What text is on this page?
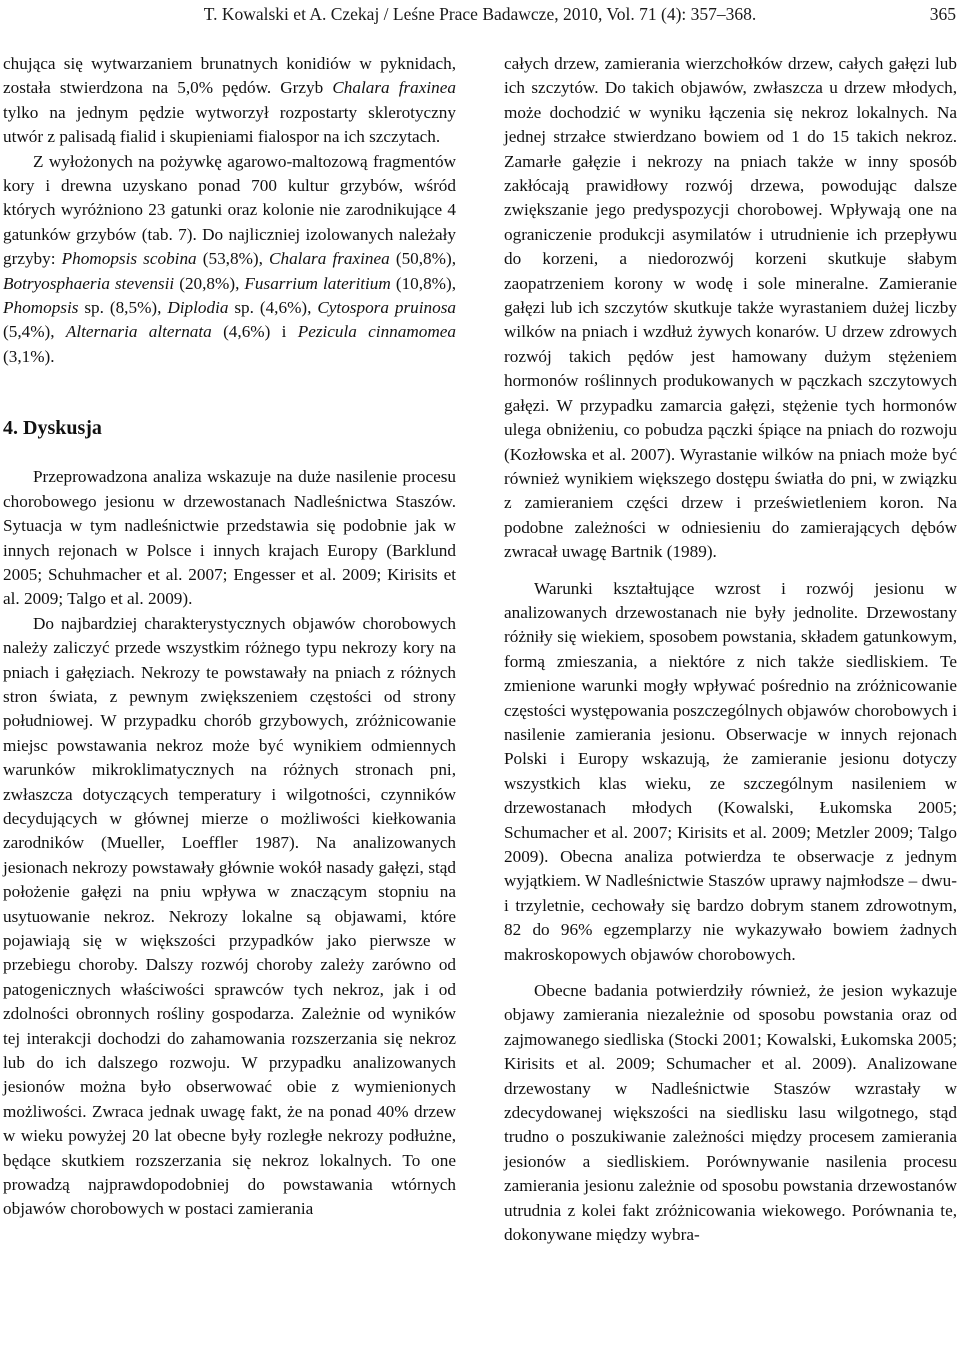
T. Kowalski et A. Czekaj / Leśne Prace Badawcze, 2010, Vol. 71 (4): 357–368.	365

chująca się wytwarzaniem brunatnych konidiów w pyknidach, została stwierdzona na 5,0% pędów. Grzyb Chalara fraxinea tylko na jednym pędzie wytworzył rozpostarty sklerotyczny utwór z palisadą fialid i skupieniami fialospor na ich szczytach.

Z wyłożonych na pożywkę agarowo-maltozową fragmentów kory i drewna uzyskano ponad 700 kultur grzybów, wśród których wyróżniono 23 gatunki oraz kolonie nie zarodnikujące 4 gatunków grzybów (tab. 7). Do najliczniej izolowanych należały grzyby: Phomopsis scobina (53,8%), Chalara fraxinea (50,8%), Botryosphaeria stevensii (20,8%), Fusarrium lateritium (10,8%), Phomopsis sp. (8,5%), Diplodia sp. (4,6%), Cytospora pruinosa (5,4%), Alternaria alternata (4,6%) i Pezicula cinnamomea (3,1%).

4. Dyskusja

Przeprowadzona analiza wskazuje na duże nasilenie procesu chorobowego jesionu w drzewostanach Nadleśnictwa Staszów. Sytuacja w tym nadleśnictwie przedstawia się podobnie jak w innych rejonach w Polsce i innych krajach Europy (Barklund 2005; Schuhmacher et al. 2007; Engesser et al. 2009; Kirisits et al. 2009; Talgo et al. 2009).

Do najbardziej charakterystycznych objawów chorobowych należy zaliczyć przede wszystkim różnego typu nekrozy kory na pniach i gałęziach. Nekrozy te powstawały na pniach z różnych stron świata, z pewnym zwiększeniem częstości od strony południowej. W przypadku chorób grzybowych, zróżnicowanie miejsc powstawania nekroz może być wynikiem odmiennych warunków mikroklimatycznych na różnych stronach pni, zwłaszcza dotyczących temperatury i wilgotności, czynników decydujących w głównej mierze o możliwości kiełkowania zarodników (Mueller, Loeffler 1987). Na analizowanych jesionach nekrozy powstawały głównie wokół nasady gałęzi, stąd położenie gałęzi na pniu wpływa w znaczącym stopniu na usytuowanie nekroz. Nekrozy lokalne są objawami, które pojawiają się w większości przypadków jako pierwsze w przebiegu choroby. Dalszy rozwój choroby zależy zarówno od patogenicznych właściwości sprawców tych nekroz, jak i od zdolności obronnych rośliny gospodarza. Zależnie od wyników tej interakcji dochodzi do zahamowania rozszerzania się nekroz lub do ich dalszego rozwoju. W przypadku analizowanych jesionów można było obserwować obie z wymienionych możliwości. Zwraca jednak uwagę fakt, że na ponad 40% drzew w wieku powyżej 20 lat obecne były rozległe nekrozy podłużne, będące skutkiem rozszerzania się nekroz lokalnych. To one prowadzą najprawdopodobniej do powstawania wtórnych objawów chorobowych w postaci zamierania

całych drzew, zamierania wierzchołków drzew, całych gałęzi lub ich szczytów. Do takich objawów, zwłaszcza u drzew młodych, może dochodzić w wyniku łączenia się nekroz lokalnych. Na jednej strzałce stwierdzano bowiem od 1 do 15 takich nekroz. Zamarłe gałęzie i nekrozy na pniach także w inny sposób zakłócają prawidłowy rozwój drzewa, powodując dalsze zwiększanie jego predyspozycji chorobowej. Wpływają one na ograniczenie produkcji asymilatów i utrudnienie ich przepływu do korzeni, a niedorozwój korzeni skutkuje słabym zaopatrzeniem korony w wodę i sole mineralne. Zamieranie gałęzi lub ich szczytów skutkuje także wyrastaniem dużej liczby wilków na pniach i wzdłuż żywych konarów. U drzew zdrowych rozwój takich pędów jest hamowany dużym stężeniem hormonów roślinnych produkowanych w pączkach szczytowych gałęzi. W przypadku zamarcia gałęzi, stężenie tych hormonów ulega obniżeniu, co pobudza pączki śpiące na pniach do rozwoju (Kozłowska et al. 2007). Wyrastanie wilków na pniach może być również wynikiem większego dostępu światła do pni, w związku z zamieraniem części drzew i prześwietleniem koron. Na podobne zależności w odniesieniu do zamierających dębów zwracał uwagę Bartnik (1989).

Warunki kształtujące wzrost i rozwój jesionu w analizowanych drzewostanach nie były jednolite. Drzewostany różniły się wiekiem, sposobem powstania, składem gatunkowym, formą zmieszania, a niektóre z nich także siedliskiem. Te zmienione warunki mogły wpływać pośrednio na zróżnicowanie częstości występowania poszczególnych objawów chorobowych i nasilenie zamierania jesionu. Obserwacje w innych rejonach Polski i Europy wskazują, że zamieranie jesionu dotyczy wszystkich klas wieku, ze szczególnym nasileniem w drzewostanach młodych (Kowalski, Łukomska 2005; Schumacher et al. 2007; Kirisits et al. 2009; Metzler 2009; Talgo 2009). Obecna analiza potwierdza te obserwacje z jednym wyjątkiem. W Nadleśnictwie Staszów uprawy najmłodsze – dwu- i trzyletnie, cechowały się bardzo dobrym stanem zdrowotnym, 82 do 96% egzemplarzy nie wykazywało bowiem żadnych makroskopowych objawów chorobowych.

Obecne badania potwierdziły również, że jesion wykazuje objawy zamierania niezależnie od sposobu powstania oraz od zajmowanego siedliska (Stocki 2001; Kowalski, Łukomska 2005; Kirisits et al. 2009; Schumacher et al. 2009). Analizowane drzewostany w Nadleśnictwie Staszów wzrastały w zdecydowanej większości na siedlisku lasu wilgotnego, stąd trudno o poszukiwanie zależności między procesem zamierania jesionów a siedliskiem. Porównywanie nasilenia procesu zamierania jesionu zależnie od sposobu powstania drzewostanów utrudnia z kolei fakt zróżnicowania wiekowego. Porównania te, dokonywane między wybra-
